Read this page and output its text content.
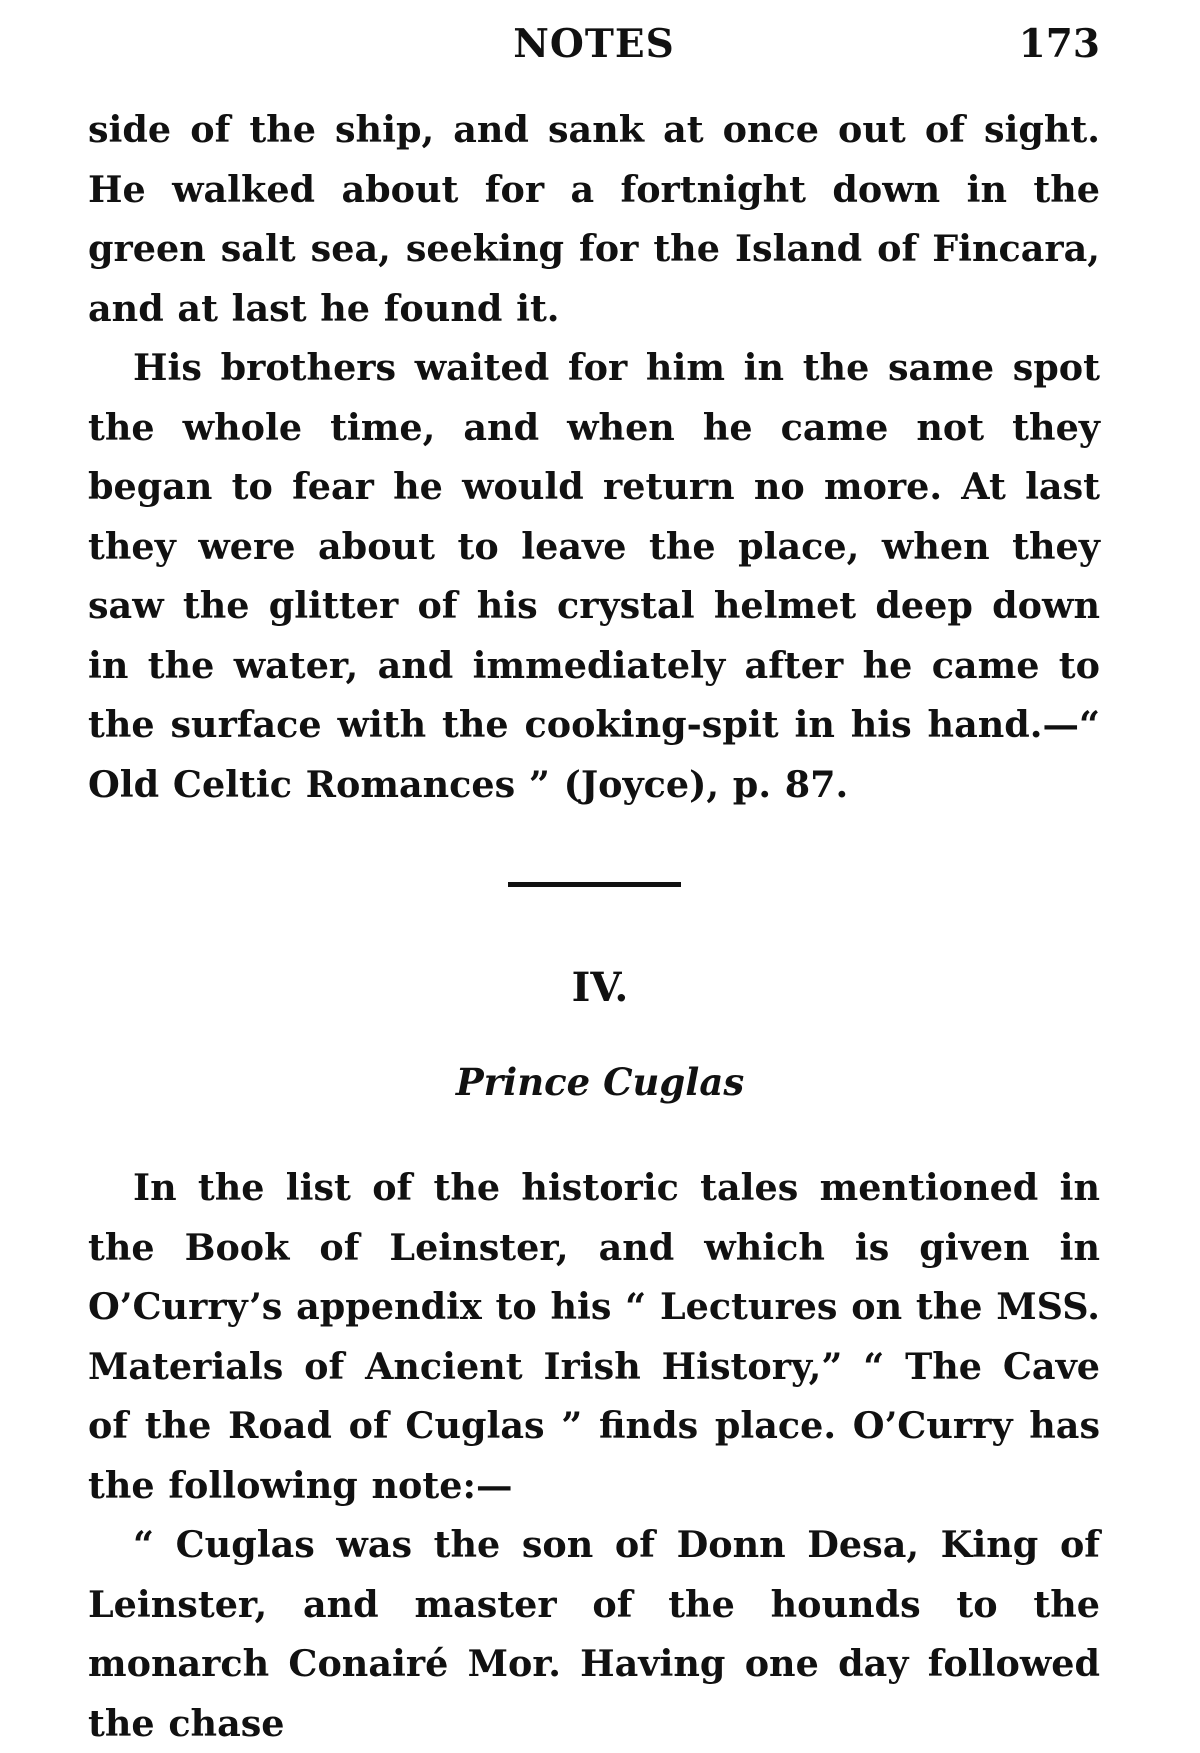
NOTES	173

side of the ship, and sank at once out of sight. He walked about for a fortnight down in the green salt sea, seeking for the Island of Fincara, and at last he found it.

His brothers waited for him in the same spot the whole time, and when he came not they began to fear he would return no more. At last they were about to leave the place, when they saw the glitter of his crystal helmet deep down in the water, and immediately after he came to the surface with the cooking-spit in his hand.—“ Old Celtic Romances ” (Joyce), p. 87.

IV.
Prince Cuglas

In the list of the historic tales mentioned in the Book of Leinster, and which is given in O’Curry’s appendix to his “ Lectures on the MSS. Materials of Ancient Irish History,” “ The Cave of the Road of Cuglas ” finds place. O’Curry has the following note:—

“ Cuglas was the son of Donn Desa, King of Leinster, and master of the hounds to the monarch Conairé Mor. Having one day followed the chase
